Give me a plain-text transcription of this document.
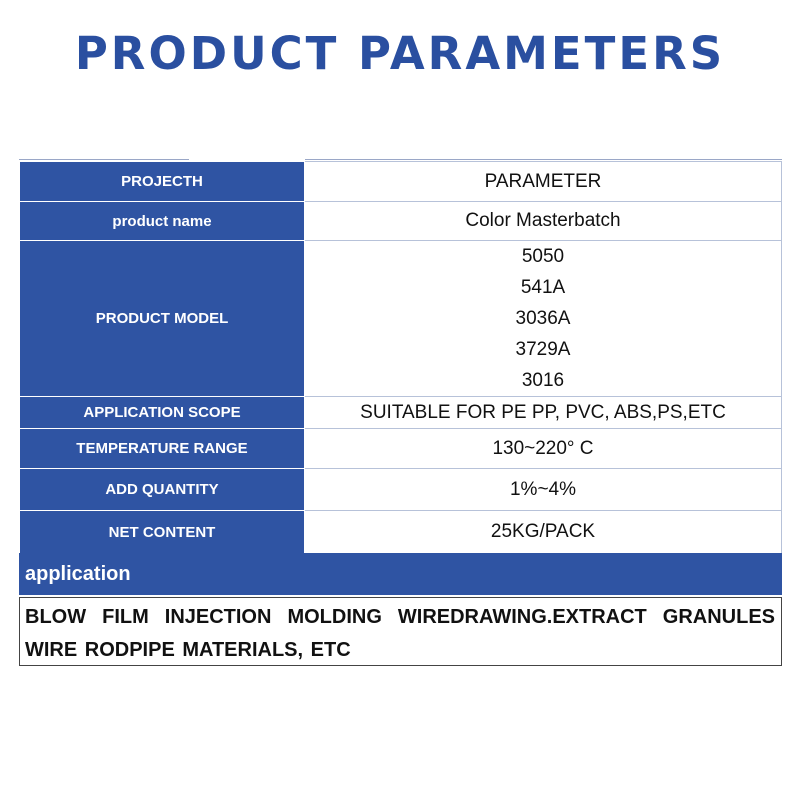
PRODUCT PARAMETERS
PROJECTH	PARAMETER
product name	Color Masterbatch
PRODUCT MODEL	5050
541A
3036A
3729A
3016

APPLICATION SCOPE	SUITABLE FOR PE PP, PVC, ABS,PS,ETC
TEMPERATURE RANGE	130~220° C
ADD QUANTITY	1%~4%
NET CONTENT	25KG/PACK
application
BLOW FILM INJECTION MOLDING WIREDRAWING.EXTRACT GRANULES WIRE RODPIPE MATERIALS, ETC
